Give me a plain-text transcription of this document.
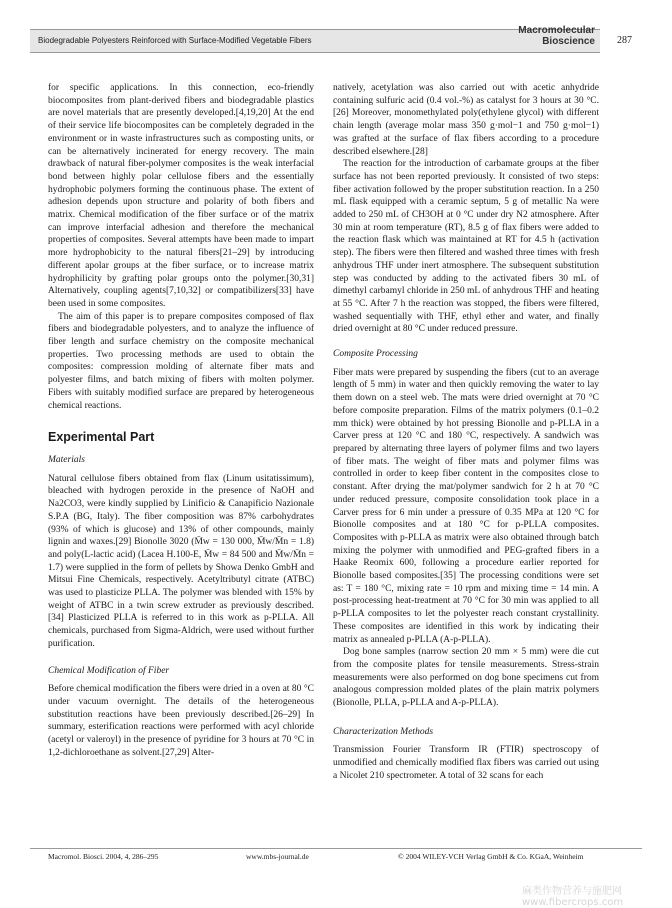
Biodegradable Polyesters Reinforced with Surface-Modified Vegetable Fibers
Macromolecular
Bioscience 287

for specific applications. In this connection, eco-friendly biocomposites from plant-derived fibers and biodegradable plastics are novel materials that are presently developed.[4,19,20] At the end of their service life biocomposites can be completely degraded in the environment or in waste infrastructures such as composting units, or can be alternatively incinerated for energy recovery. The main drawback of natural fiber-polymer composites is the weak interfacial bond between highly polar cellulose fibers and the essentially hydrophobic polymers forming the continuous phase. The extent of adhesion depends upon structure and polarity of both fibers and matrix. Chemical modification of the fiber surface or of the matrix can improve interfacial adhesion and therefore the mechanical properties of composites. Several attempts have been made to impart more hydrophobicity to the natural fibers[21–29] by introducing different apolar groups at the fiber surface, or to increase matrix hydrophilicity by grafting polar groups onto the polymer.[30,31] Alternatively, coupling agents[7,10,32] or compatibilizers[33] have been used in some composites.

The aim of this paper is to prepare composites composed of flax fibers and biodegradable polyesters, and to analyze the influence of fiber length and surface chemistry on the composite mechanical properties. Two processing methods are used to obtain the composites: compression molding of alternate fiber mats and polyester films, and batch mixing of fibers with molten polymer. Fibers with suitably modified surface are prepared by heterogeneous chemical reactions.

Experimental Part
Materials

Natural cellulose fibers obtained from flax (Linum usitatissimum), bleached with hydrogen peroxide in the presence of NaOH and Na2CO3, were kindly supplied by Linificio & Canapificio Nazionale S.P.A (BG, Italy). The fiber composition was 87% carbohydrates (93% of which is glucose) and 13% of other compounds, mainly lignin and waxes.[29] Bionolle 3020 (M̄w = 130 000, M̄w/M̄n = 1.8) and poly(L-lactic acid) (Lacea H.100-E, M̄w = 84 500 and M̄w/M̄n = 1.7) were supplied in the form of pellets by Showa Denko GmbH and Mitsui Fine Chemicals, respectively. Acetyltributyl citrate (ATBC) was used to plasticize PLLA. The polymer was blended with 15% by weight of ATBC in a twin screw extruder as previously described.[34] Plasticized PLLA is referred to in this work as p-PLLA. All chemicals, purchased from Sigma-Aldrich, were used without further purification.

Chemical Modification of Fiber

Before chemical modification the fibers were dried in a oven at 80 °C under vacuum overnight. The details of the heterogeneous substitution reactions have been previously described.[26–29] In summary, esterification reactions were performed with acyl chloride (acetyl or valeroyl) in the presence of pyridine for 3 hours at 70 °C in 1,2-dichloroethane as solvent.[27,29] Alter-

natively, acetylation was also carried out with acetic anhydride containing sulfuric acid (0.4 vol.-%) as catalyst for 3 hours at 30 °C.[26] Moreover, monomethylated poly(ethylene glycol) with different chain length (average molar mass 350 g·mol−1 and 750 g·mol−1) was grafted at the surface of flax fibers according to a procedure described elsewhere.[28]

The reaction for the introduction of carbamate groups at the fiber surface has not been reported previously. It consisted of two steps: fiber activation followed by the proper substitution reaction. In a 250 mL flask equipped with a ceramic septum, 5 g of metallic Na were added to 250 mL of CH3OH at 0 °C under dry N2 atmosphere. After 30 min at room temperature (RT), 8.5 g of flax fibers were added to the reaction flask which was maintained at RT for 4.5 h (activation step). The fibers were then filtered and washed three times with fresh anhydrous THF under inert atmosphere. The subsequent substitution step was conducted by adding to the activated fibers 30 mL of dimethyl carbamyl chloride in 250 mL of anhydrous THF and heating at 55 °C. After 7 h the reaction was stopped, the fibers were filtered, washed sequentially with THF, ethyl ether and water, and finally dried overnight at 80 °C under reduced pressure.

Composite Processing

Fiber mats were prepared by suspending the fibers (cut to an average length of 5 mm) in water and then quickly removing the water to lay them down on a steel web. The mats were dried overnight at 70 °C before composite preparation. Films of the matrix polymers (0.1–0.2 mm thick) were obtained by hot pressing Bionolle and p-PLLA in a Carver press at 120 °C and 180 °C, respectively. A sandwich was prepared by alternating three layers of polymer films and two layers of fiber mats. The weight of fiber mats and polymer films was controlled in order to keep fiber content in the composites close to constant. After drying the mat/polymer sandwich for 2 h at 70 °C under reduced pressure, composite consolidation took place in a Carver press for 6 min under a pressure of 0.35 MPa at 120 °C for Bionolle composites and at 180 °C for p-PLLA composites. Composites with p-PLLA as matrix were also obtained through batch mixing the polymer with unmodified and PEG-grafted fibers in a Haake Reomix 600, following a procedure earlier reported for Bionolle based composites.[35] The processing conditions were set as: T = 180 °C, mixing rate = 10 rpm and mixing time = 14 min. A post-processing heat-treatment at 70 °C for 30 min was applied to all p-PLLA composites to let the polyester reach constant crystallinity. These composites are identified in this work by indicating their matrix as annealed p-PLLA (A-p-PLLA).

Dog bone samples (narrow section 20 mm × 5 mm) were die cut from the composite plates for tensile measurements. Stress-strain measurements were also performed on dog bone specimens cut from analogous compression molded plates of the plain matrix polymers (Bionolle, PLLA, p-PLLA and A-p-PLLA).

Characterization Methods

Transmission Fourier Transform IR (FTIR) spectroscopy of unmodified and chemically modified flax fibers was carried out using a Nicolet 210 spectrometer. A total of 32 scans for each

Macromol. Biosci. 2004, 4, 286–295	www.mbs-journal.de	© 2004 WILEY-VCH Verlag GmbH & Co. KGaA, Weinheim
麻类作物营养与施肥网 www.fibercrops.com
